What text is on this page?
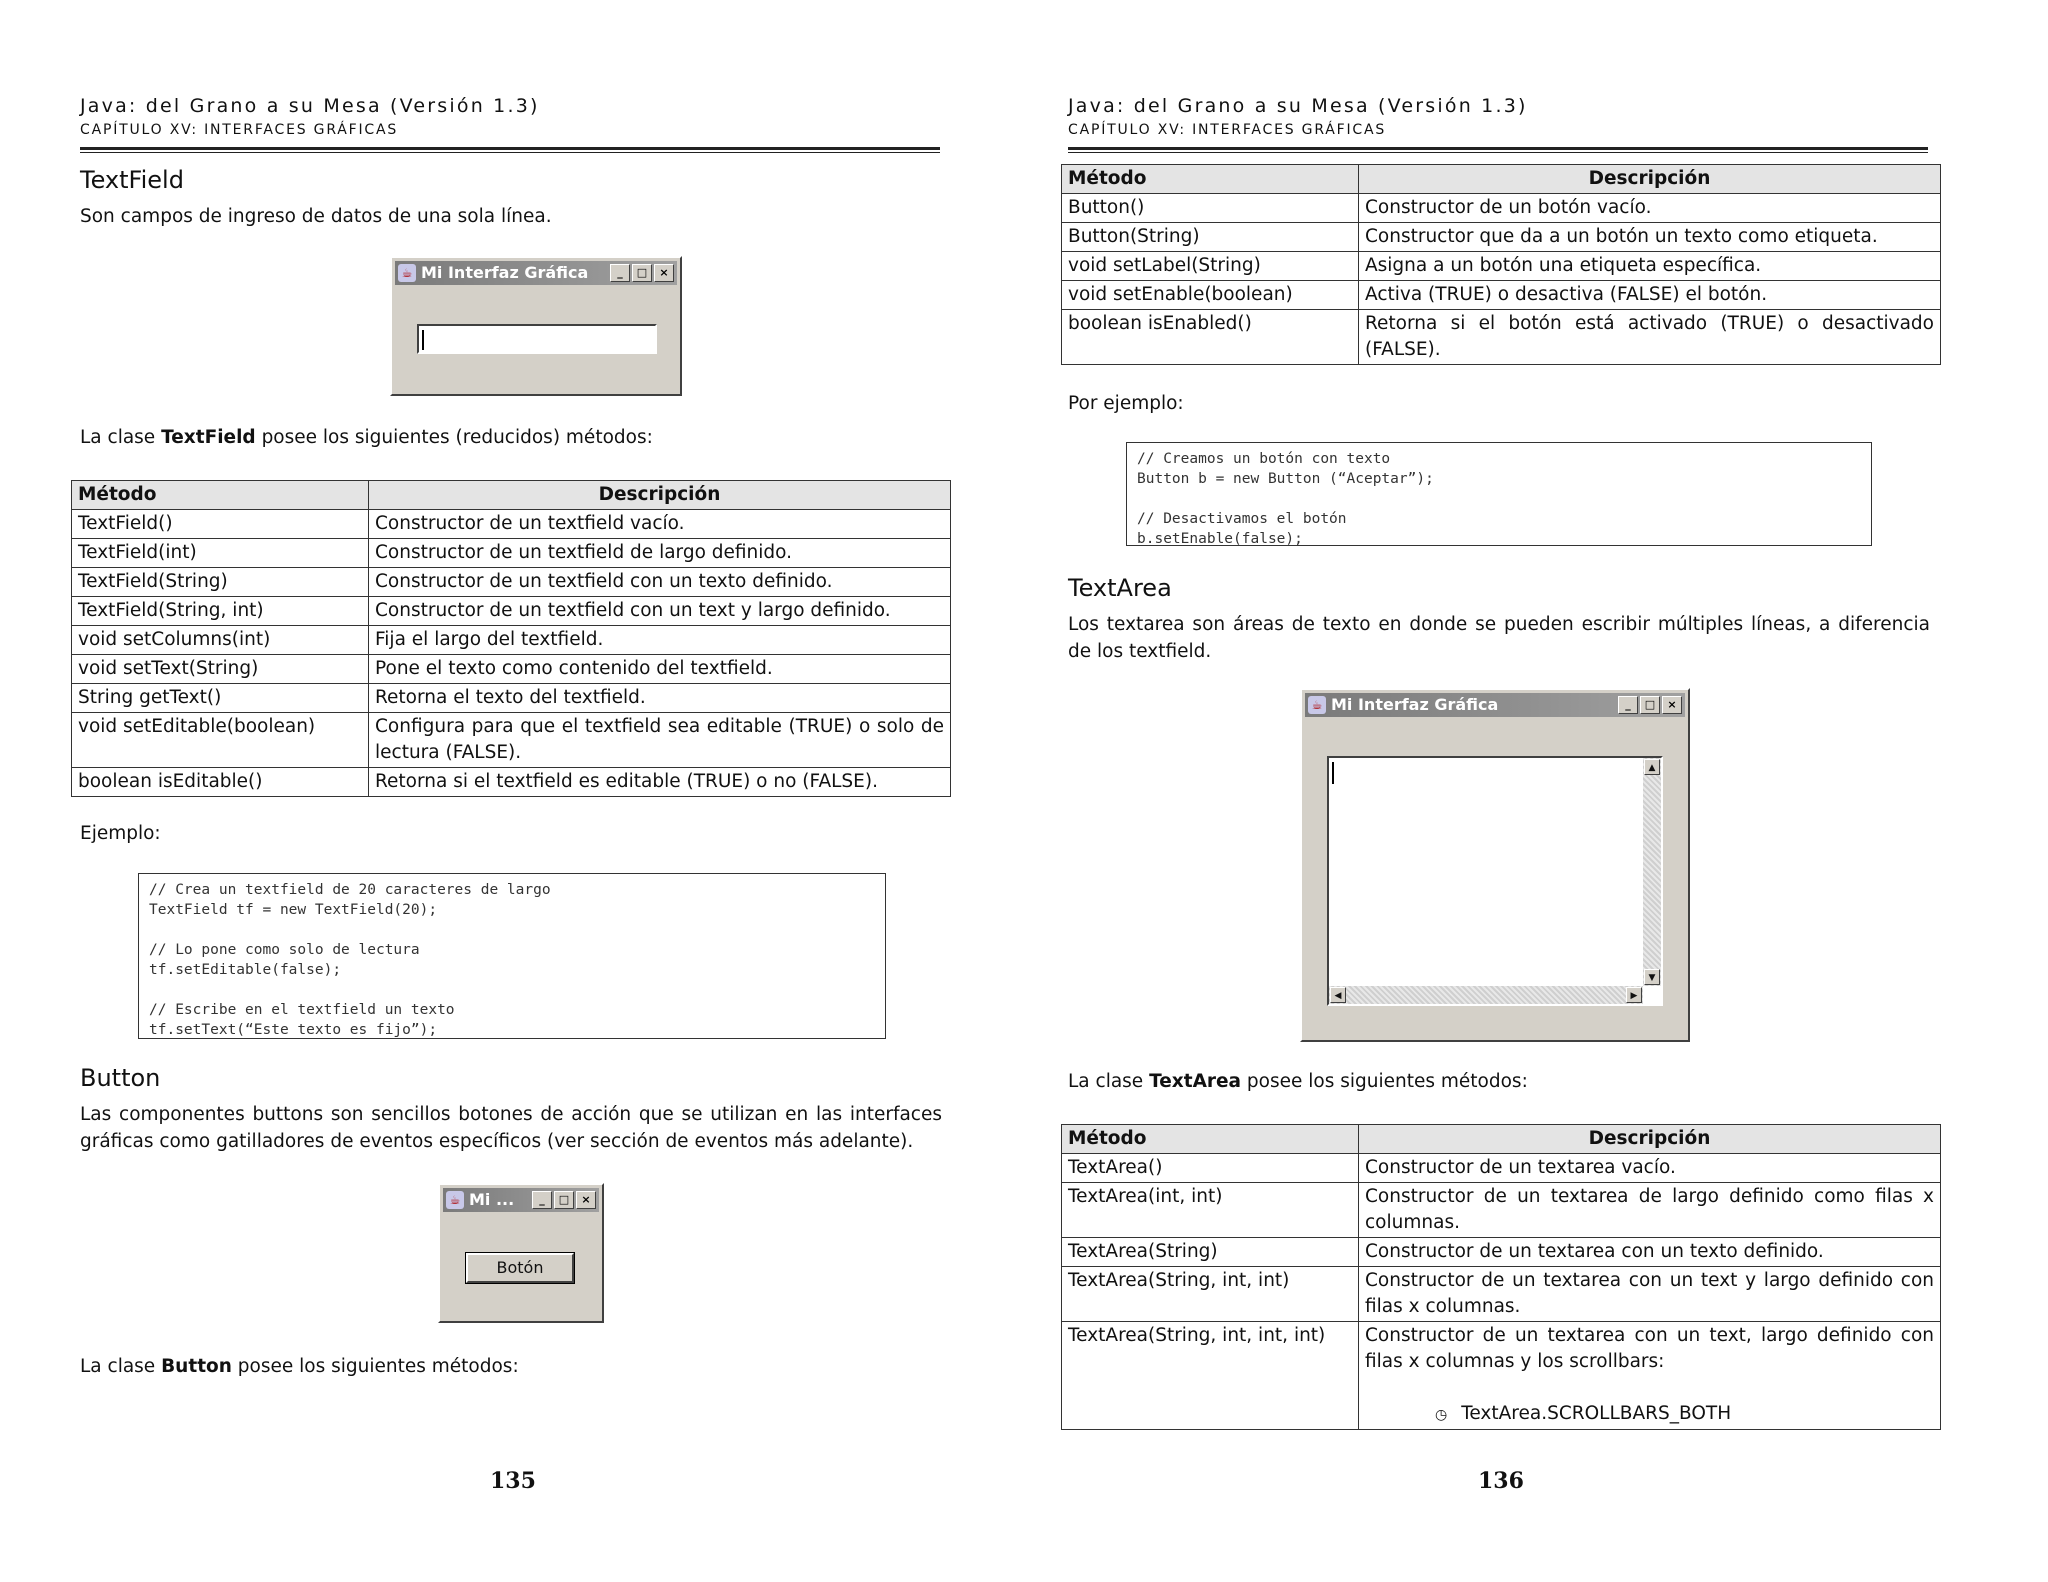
Java: del Grano a su Mesa (Versión 1.3)
CAPÍTULO XV: INTERFACES GRÁFICAS
TextField
Son campos de ingreso de datos de una sola línea.
☕ Mi Interfaz Gráfica	_	□	×
La clase TextField posee los siguientes (reducidos) métodos:
Método	Descripción
TextField()	Constructor de un textfield vacío.
TextField(int)	Constructor de un textfield de largo definido.
TextField(String)	Constructor de un textfield con un texto definido.
TextField(String, int)	Constructor de un textfield con un text y largo definido.
void setColumns(int)	Fija el largo del textfield.
void setText(String)	Pone el texto como contenido del textfield.
String getText()	Retorna el texto del textfield.
void setEditable(boolean)	Configura para que el textfield sea editable (TRUE) o solo de lectura (FALSE).
boolean isEditable()	Retorna si el textfield es editable (TRUE) o no (FALSE).
Ejemplo:
// Crea un textfield de 20 caracteres de largo
TextField tf = new TextField(20);
// Lo pone como solo de lectura
tf.setEditable(false);
// Escribe en el textfield un texto
tf.setText(“Este texto es fijo”);
Button
Las componentes buttons son sencillos botones de acción que se utilizan en las interfaces gráficas como gatilladores de eventos específicos (ver sección de eventos más adelante).
☕ Mi ...	_	□	×
Botón
La clase Button posee los siguientes métodos:
135
Java: del Grano a su Mesa (Versión 1.3)
CAPÍTULO XV: INTERFACES GRÁFICAS
Método	Descripción
Button()	Constructor de un botón vacío.
Button(String)	Constructor que da a un botón un texto como etiqueta.
void setLabel(String)	Asigna a un botón una etiqueta específica.
void setEnable(boolean)	Activa (TRUE) o desactiva (FALSE) el botón.
boolean isEnabled()	Retorna si el botón está activado (TRUE) o desactivado (FALSE).
Por ejemplo:
// Creamos un botón con texto
Button b = new Button (“Aceptar”);
// Desactivamos el botón
b.setEnable(false);
TextArea
Los textarea son áreas de texto en donde se pueden escribir múltiples líneas, a diferencia de los textfield.
☕ Mi Interfaz Gráfica	_	□	×
▲
▼
◀	▶
La clase TextArea posee los siguientes métodos:
Método	Descripción
TextArea()	Constructor de un textarea vacío.
TextArea(int, int)	Constructor de un textarea de largo definido como filas x columnas.
TextArea(String)	Constructor de un textarea con un texto definido.
TextArea(String, int, int)	Constructor de un textarea con un text y largo definido con filas x columnas.
TextArea(String, int, int, int)	Constructor de un textarea con un text, largo definido con filas x columnas y los scrollbars:
◷ TextArea.SCROLLBARS_BOTH
136
